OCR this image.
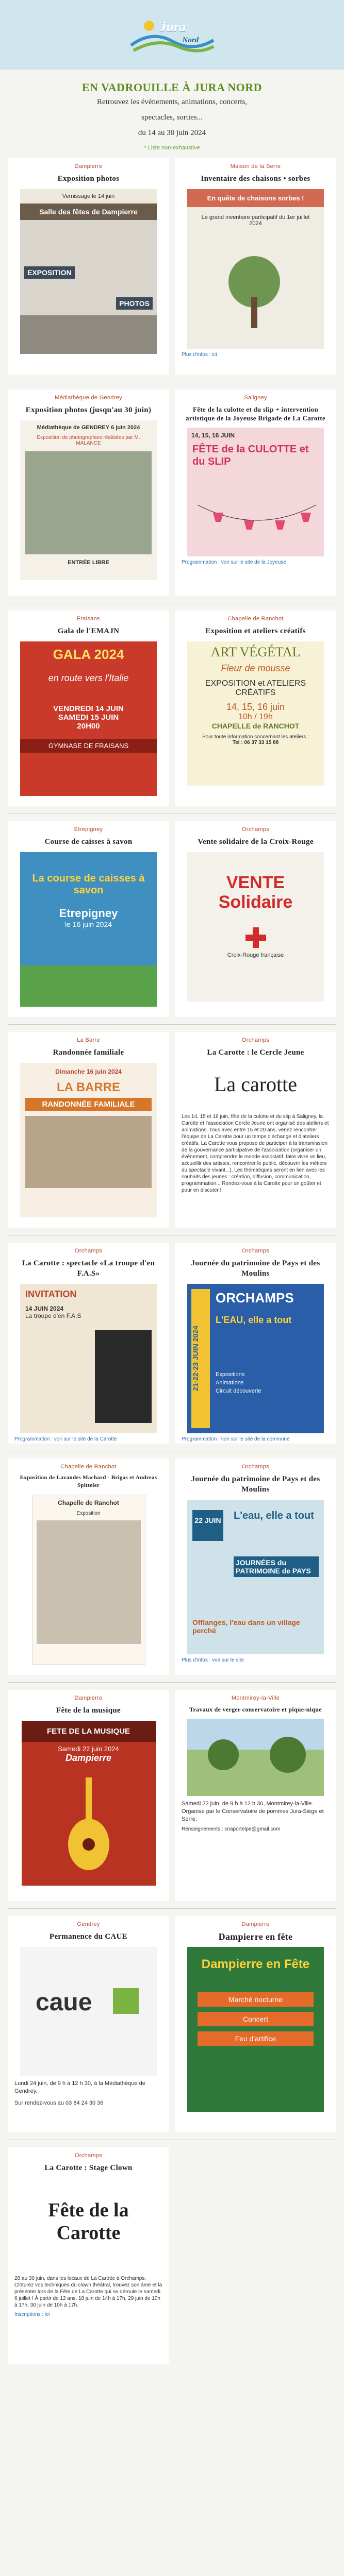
Jura
Nord
EN VADROUILLE À JURA NORD

Retrouvez les événements, animations, concerts,

spectacles, sorties...

du 14 au 30 juin 2024

* Liste non-exhaustive
Dampierre
Exposition photos
Vernissage le 14 juin
Salle des fêtes de Dampierre
EXPOSITION
PHOTOS
Maison de la Serre
Inventaire des chaisons • sorbes
En quête de chaisons sorbes !
Le grand inventaire participatif du 1er juillet 2024
Plus d'infos : ici
Médiathèque de Gendrey
Exposition photos (jusqu'au 30 juin)
Médiathèque de GENDREY 6 juin 2024
Exposition de photographies réalisées par M. MALANCE
ENTRÉE LIBRE
Saligney
Fête de la culotte et du slip + intervention artistique de la Joyeuse Brigade de La Carotte
14, 15, 16 JUIN
FÊTE de la CULOTTE et du SLIP
Programmation : voir sur le site de la Joyeuse
Fraisans
Gala de l'EMAJN
GALA 2024
en route vers l'Italie
VENDREDI 14 JUIN
SAMEDI 15 JUIN
20H00
GYMNASE DE FRAISANS
Chapelle de Ranchot
Exposition et ateliers créatifs
ART VÉGÉTAL
Fleur de mousse
EXPOSITION et ATELIERS CRÉATIFS
14, 15, 16 juin
10h / 19h
CHAPELLE de RANCHOT
Pour toute information concernant les ateliers :
Tel : 06 37 33 15 88
Etrepigney
Course de caisses à savon
La course de caisses à savon
Etrepigney
le 16 juin 2024
Orchamps
Vente solidaire de la Croix-Rouge
VENTE Solidaire
Croix-Rouge française
La Barre
Randonnée familiale
Dimanche 16 juin 2024
LA BARRE
RANDONNÉE FAMILIALE
Orchamps
La Carotte : le Cercle Jeune
La carotte
Les 14, 15 et 16 juin, fête de la culotte et du slip à Saligney, la Carotte et l'association Cercle Jeune ont organisé des ateliers et animations. Tous avec entre 15 et 20 ans, venez rencontrer l'équipe de La Carotte pour un temps d'échange et d'ateliers créatifs. La Carotte vous propose de participer à la transmission de la gouvernance participative de l'association (organiser un événement, comprendre le monde associatif, faire vivre un lieu, accueillir des artistes, rencontrer le public, découvrir les métiers du spectacle vivant...). Les thématiques seront en lien avec les souhaits des jeunes : création, diffusion, communication, programmation... Rendez-vous à la Carotte pour un goûter et pour en discuter !
Orchamps
La Carotte : spectacle «La troupe d'en F.A.S»
INVITATION
14 JUIN 2024
La troupe d'en F.A.S
Programmation : voir sur le site de la Carotte
Orchamps
Journée du patrimoine de Pays et des Moulins
21·22·23 JUIN 2024
ORCHAMPS
L'EAU, elle a tout
Expositions
Animations
Circuit découverte
Programmation : voir sur le site de la commune
Chapelle de Ranchot
Exposition de Lavandes Machard - Brigas et Andreas Spitteler
Chapelle de Ranchot
Exposition
Orchamps
Journée du patrimoine de Pays et des Moulins
22 JUIN L'eau, elle a tout
JOURNÉES du PATRIMOINE de PAYS
Offlanges, l'eau dans un village perché
Plus d'infos : voir sur le site
Dampierre
Fête de la musique
FETE DE LA MUSIQUE
Samedi 22 juin 2024
Dampierre
Montmirey-la-Ville
Travaux de verger conservatoire et pique-nique
Samedi 22 juin, de 9 h à 12 h 30, Montmirey-la-Ville. Organisé par le Conservatoire de pommes Jura-Siège et Serre.
Renseignements : cnaportelpe@gmail.com
Gendrey
Permanence du CAUE
caue
Lundi 24 juin, de 9 h à 12 h 30, à la Médiathèque de Gendrey.
Sur rendez-vous au 03 84 24 30 36
Dampierre
Dampierre en fête
Dampierre en Fête
Marché nocturne
Concert
Feu d'artifice
Orchamps
La Carotte : Stage Clown
Fête de la Carotte
28 au 30 juin, dans les locaux de La Carotte à Orchamps. Clôturez vos techniques du clown théâtral, trouvez son âme et la présenter lors de la Fête de La Carotte qui se déroule le samedi 6 juillet ! À partir de 12 ans. 18 juin de 14h à 17h, 29 juin de 10h à 17h, 30 juin de 10h à 17h.
Inscriptions : ici
